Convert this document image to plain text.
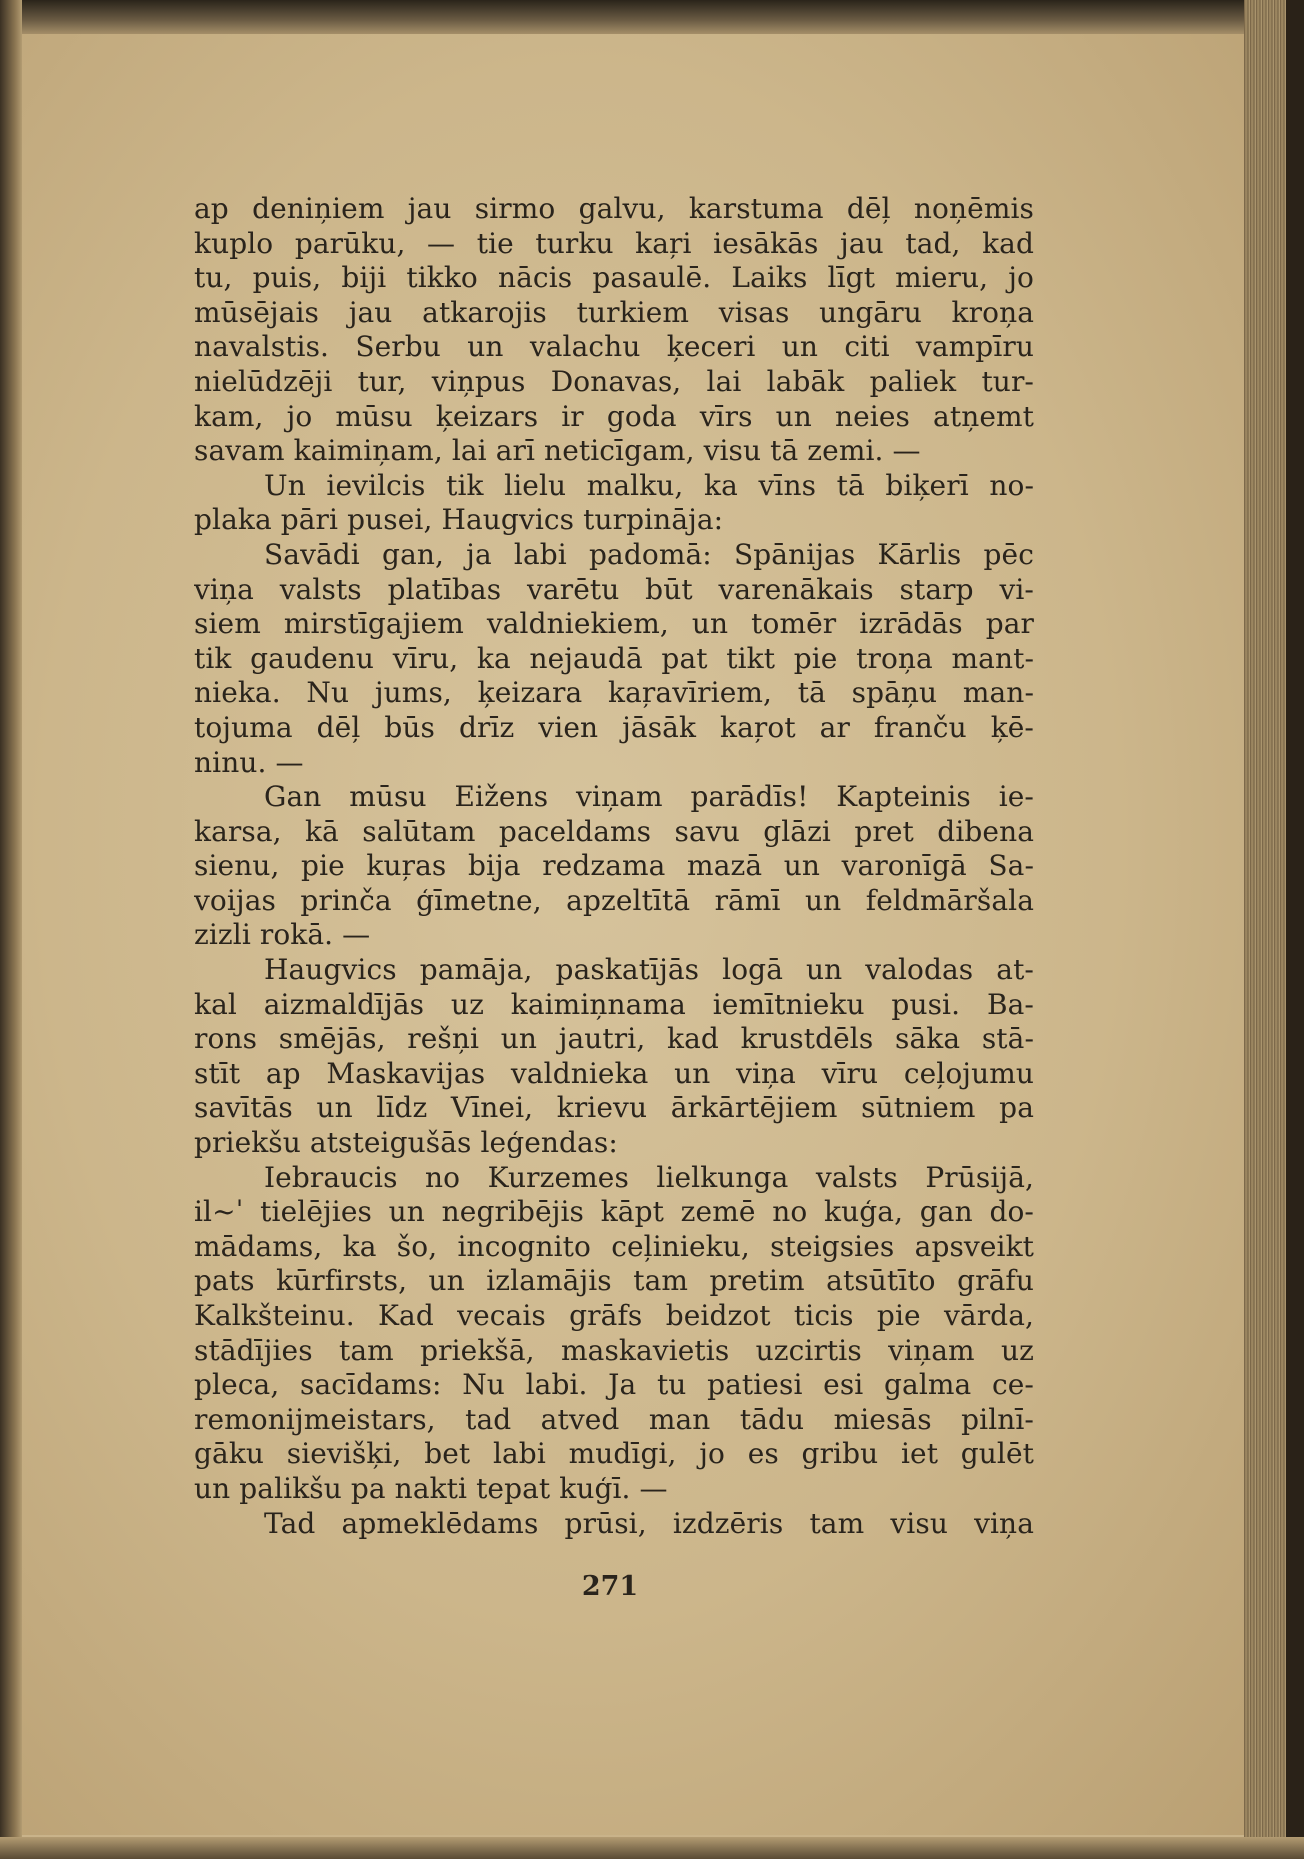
ap deniņiem jau sirmo galvu, karstuma dēļ noņēmis
kuplo parūku, — tie turku kaŗi iesākās jau tad, kad
tu, puis, biji tikko nācis pasaulē. Laiks līgt mieru, jo
mūsējais jau atkarojis turkiem visas ungāru kroņa
navalstis. Serbu un valachu ķeceri un citi vampīru
nielūdzēji tur, viņpus Donavas, lai labāk paliek tur-
kam, jo mūsu ķeizars ir goda vīrs un neies atņemt
savam kaimiņam, lai arī neticīgam, visu tā zemi. —
Un ievilcis tik lielu malku, ka vīns tā biķerī no-
plaka pāri pusei, Haugvics turpināja:
Savādi gan, ja labi padomā: Spānijas Kārlis pēc
viņa valsts platības varētu būt varenākais starp vi-
siem mirstīgajiem valdniekiem, un tomēr izrādās par
tik gaudenu vīru, ka nejaudā pat tikt pie troņa mant-
nieka. Nu jums, ķeizara kaŗavīriem, tā spāņu man-
tojuma dēļ būs drīz vien jāsāk kaŗot ar franču ķē-
ninu. —
Gan mūsu Eižens viņam parādīs! Kapteinis ie-
karsa, kā salūtam paceldams savu glāzi pret dibena
sienu, pie kuŗas bija redzama mazā un varonīgā Sa-
voijas prinča ģīmetne, apzeltītā rāmī un feldmāršala
zizli rokā. —
Haugvics pamāja, paskatījās logā un valodas at-
kal aizmaldījās uz kaimiņnama iemītnieku pusi. Ba-
rons smējās, rešņi un jautri, kad krustdēls sāka stā-
stīt ap Maskavijas valdnieka un viņa vīru ceļojumu
savītās un līdz Vīnei, krievu ārkārtējiem sūtniem pa
priekšu atsteigušās leģendas:
Iebraucis no Kurzemes lielkunga valsts Prūsijā,
il~ˈ tielējies un negribējis kāpt zemē no kuģa, gan do-
mādams, ka šo, incognito ceļinieku, steigsies apsveikt
pats kūrfirsts, un izlamājis tam pretim atsūtīto grāfu
Kalkšteinu. Kad vecais grāfs beidzot ticis pie vārda,
stādījies tam priekšā, maskavietis uzcirtis viņam uz
pleca, sacīdams: Nu labi. Ja tu patiesi esi galma ce-
remonijmeistars, tad atved man tādu miesās pilnī-
gāku sievišķi, bet labi mudīgi, jo es gribu iet gulēt
un palikšu pa nakti tepat kuģī. —
Tad apmeklēdams prūsi, izdzēris tam visu viņa
271
